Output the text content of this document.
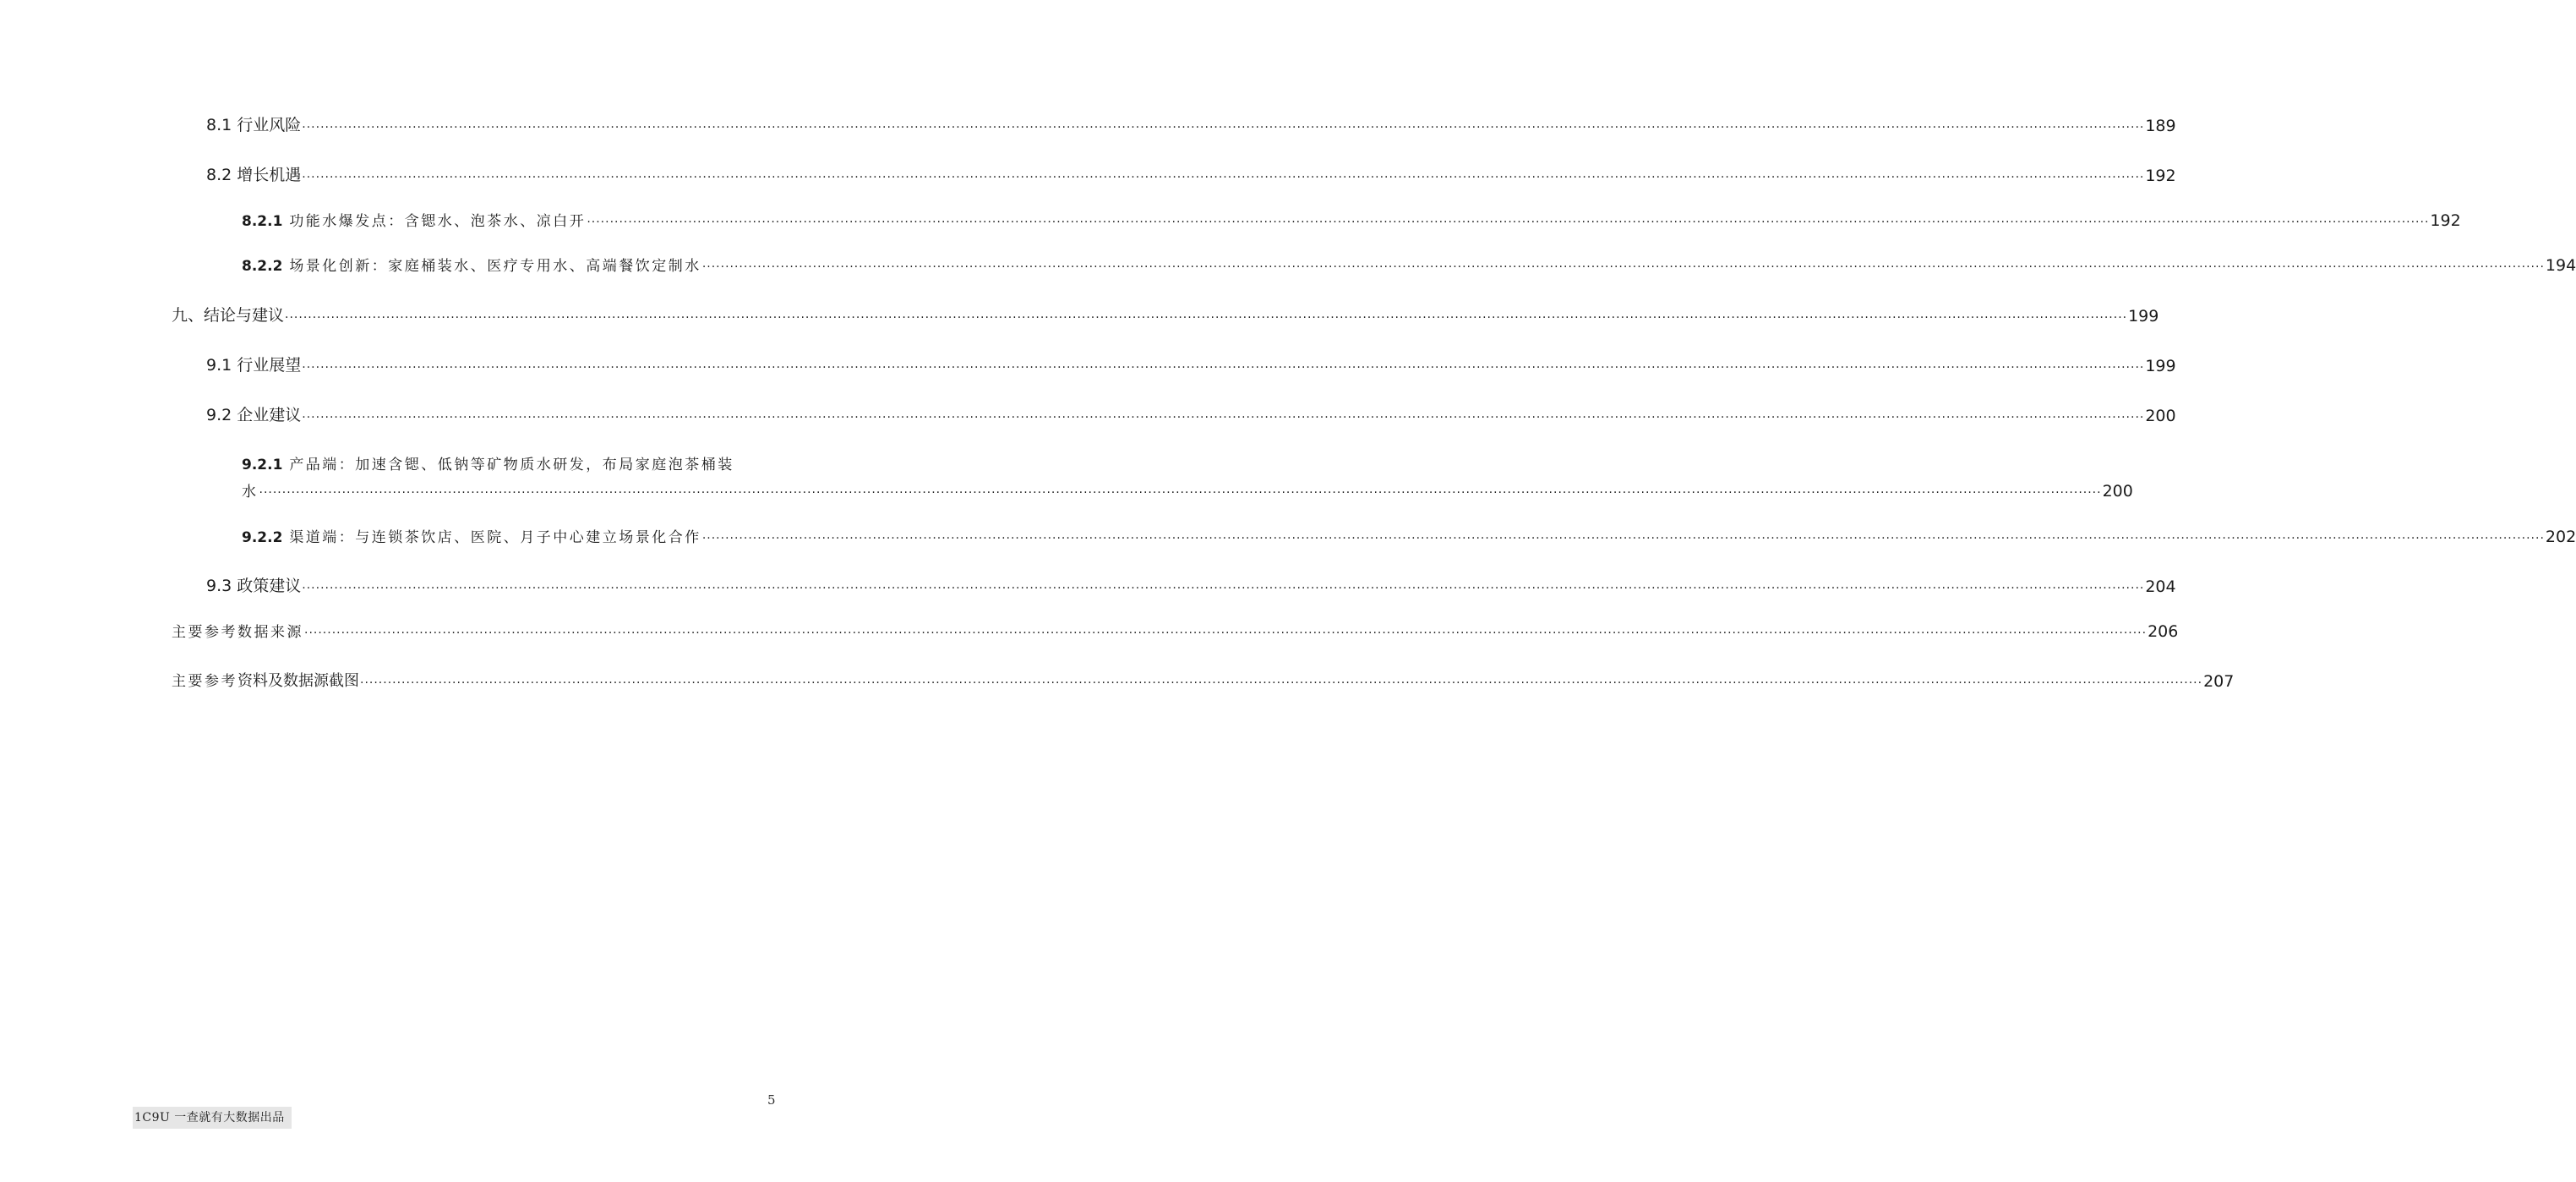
8.1 行业风险 ................................................................................................................................................................................................................................................................................................................................................................................................................ 189
8.2 增长机遇 ................................................................................................................................................................................................................................................................................................................................................................................................................ 192
8.2.1 功能水爆发点：含锶水、泡茶水、凉白开 ................................................................................................................................................................................................................................................................................................................................................................................................................ 192
8.2.2 场景化创新：家庭桶装水、医疗专用水、高端餐饮定制水 ................................................................................................................................................................................................................................................................................................................................................................................................................ 194
九、结论与建议 ................................................................................................................................................................................................................................................................................................................................................................................................................ 199
9.1 行业展望 ................................................................................................................................................................................................................................................................................................................................................................................................................ 199
9.2 企业建议 ................................................................................................................................................................................................................................................................................................................................................................................................................ 200
9.2.1 产品端：加速含锶、低钠等矿物质水研发，布局家庭泡茶桶装
水 ................................................................................................................................................................................................................................................................................................................................................................................................................ 200
9.2.2 渠道端：与连锁茶饮店、医院、月子中心建立场景化合作 ................................................................................................................................................................................................................................................................................................................................................................................................................ 202
9.3 政策建议 ................................................................................................................................................................................................................................................................................................................................................................................................................ 204
主要参考数据来源 ................................................................................................................................................................................................................................................................................................................................................................................................................ 206
主要参考资料及数据源截图 ................................................................................................................................................................................................................................................................................................................................................................................................................ 207
5
1C9U 一查就有大数据出品
